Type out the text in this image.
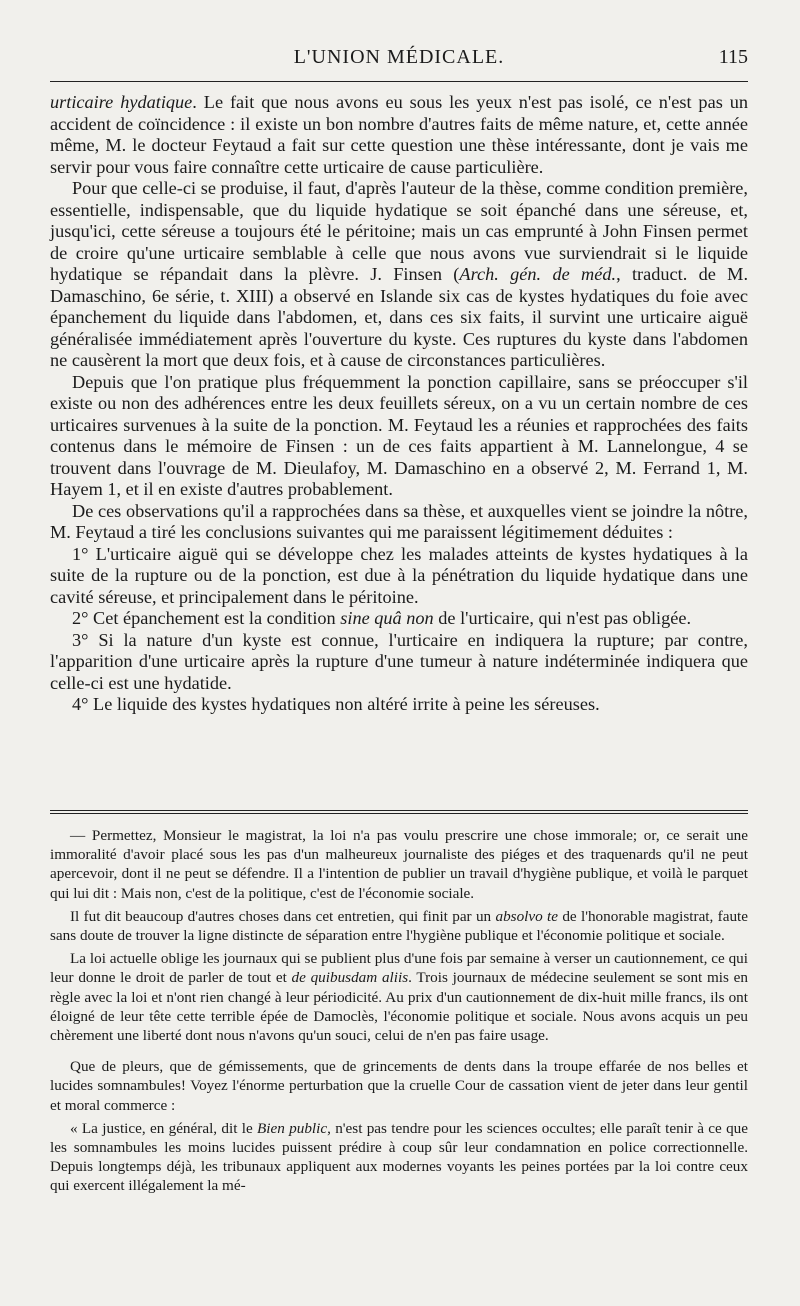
L'UNION MÉDICALE.	115

urticaire hydatique. Le fait que nous avons eu sous les yeux n'est pas isolé, ce n'est pas un accident de coïncidence : il existe un bon nombre d'autres faits de même nature, et, cette année même, M. le docteur Feytaud a fait sur cette question une thèse intéressante, dont je vais me servir pour vous faire connaître cette urticaire de cause particulière.

Pour que celle-ci se produise, il faut, d'après l'auteur de la thèse, comme condition première, essentielle, indispensable, que du liquide hydatique se soit épanché dans une séreuse, et, jusqu'ici, cette séreuse a toujours été le péritoine; mais un cas emprunté à John Finsen permet de croire qu'une urticaire semblable à celle que nous avons vue surviendrait si le liquide hydatique se répandait dans la plèvre. J. Finsen (Arch. gén. de méd., traduct. de M. Damaschino, 6e série, t. XIII) a observé en Islande six cas de kystes hydatiques du foie avec épanchement du liquide dans l'abdomen, et, dans ces six faits, il survint une urticaire aiguë généralisée immédiatement après l'ouverture du kyste. Ces ruptures du kyste dans l'abdomen ne causèrent la mort que deux fois, et à cause de circonstances particulières.

Depuis que l'on pratique plus fréquemment la ponction capillaire, sans se préoccuper s'il existe ou non des adhérences entre les deux feuillets séreux, on a vu un certain nombre de ces urticaires survenues à la suite de la ponction. M. Feytaud les a réunies et rapprochées des faits contenus dans le mémoire de Finsen : un de ces faits appartient à M. Lannelongue, 4 se trouvent dans l'ouvrage de M. Dieulafoy, M. Damaschino en a observé 2, M. Ferrand 1, M. Hayem 1, et il en existe d'autres probablement.

De ces observations qu'il a rapprochées dans sa thèse, et auxquelles vient se joindre la nôtre, M. Feytaud a tiré les conclusions suivantes qui me paraissent légitimement déduites :

1° L'urticaire aiguë qui se développe chez les malades atteints de kystes hydatiques à la suite de la rupture ou de la ponction, est due à la pénétration du liquide hydatique dans une cavité séreuse, et principalement dans le péritoine.

2° Cet épanchement est la condition sine quâ non de l'urticaire, qui n'est pas obligée.

3° Si la nature d'un kyste est connue, l'urticaire en indiquera la rupture; par contre, l'apparition d'une urticaire après la rupture d'une tumeur à nature indéterminée indiquera que celle-ci est une hydatide.

4° Le liquide des kystes hydatiques non altéré irrite à peine les séreuses.

— Permettez, Monsieur le magistrat, la loi n'a pas voulu prescrire une chose immorale; or, ce serait une immoralité d'avoir placé sous les pas d'un malheureux journaliste des piéges et des traquenards qu'il ne peut apercevoir, dont il ne peut se défendre. Il a l'intention de publier un travail d'hygiène publique, et voilà le parquet qui lui dit : Mais non, c'est de la politique, c'est de l'économie sociale.

Il fut dit beaucoup d'autres choses dans cet entretien, qui finit par un absolvo te de l'honorable magistrat, faute sans doute de trouver la ligne distincte de séparation entre l'hygiène publique et l'économie politique et sociale.

La loi actuelle oblige les journaux qui se publient plus d'une fois par semaine à verser un cautionnement, ce qui leur donne le droit de parler de tout et de quibusdam aliis. Trois journaux de médecine seulement se sont mis en règle avec la loi et n'ont rien changé à leur périodicité. Au prix d'un cautionnement de dix-huit mille francs, ils ont éloigné de leur tête cette terrible épée de Damoclès, l'économie politique et sociale. Nous avons acquis un peu chèrement une liberté dont nous n'avons qu'un souci, celui de n'en pas faire usage.

Que de pleurs, que de gémissements, que de grincements de dents dans la troupe effarée de nos belles et lucides somnambules! Voyez l'énorme perturbation que la cruelle Cour de cassation vient de jeter dans leur gentil et moral commerce :

« La justice, en général, dit le Bien public, n'est pas tendre pour les sciences occultes; elle paraît tenir à ce que les somnambules les moins lucides puissent prédire à coup sûr leur condamnation en police correctionnelle. Depuis longtemps déjà, les tribunaux appliquent aux modernes voyants les peines portées par la loi contre ceux qui exercent illégalement la mé-
